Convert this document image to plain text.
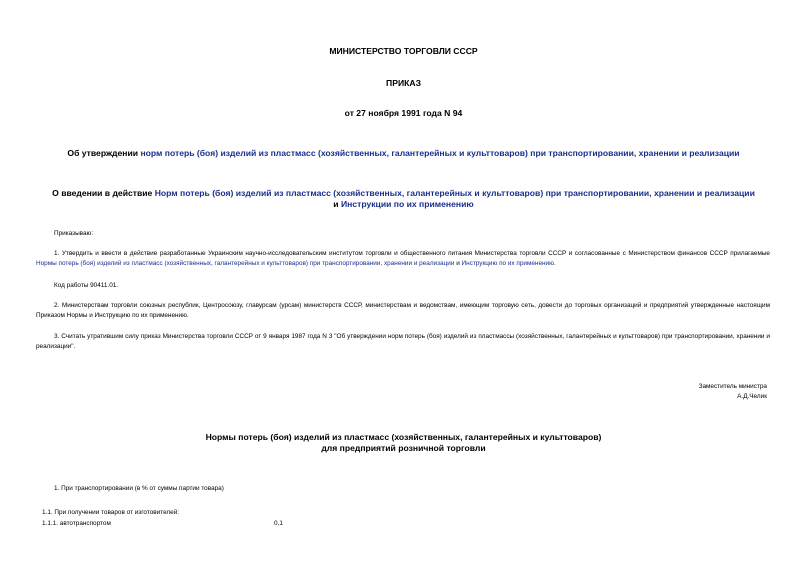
МИНИСТЕРСТВО ТОРГОВЛИ СССР
ПРИКАЗ
от 27 ноября 1991 года N 94
Об утверждении норм потерь (боя) изделий из пластмасс (хозяйственных, галантерейных и культтоваров) при транспортировании, хранении и реализации
О введении в действие Норм потерь (боя) изделий из пластмасс (хозяйственных, галантерейных и культтоваров) при транспортировании, хранении и реализации
и Инструкции по их применению
Приказываю:
1. Утвердить и ввести в действие разработанные Украинским научно-исследовательским институтом торговли и общественного питания Министерства торговли СССР и согласованные с Министерством финансов СССР прилагаемые Нормы потерь (боя) изделий из пластмасс (хозяйственных, галантерейных и культтоваров) при транспортировании, хранении и реализации и Инструкцию по их применению.
Код работы 90411.01.
2. Министерствам торговли союзных республик, Центросоюзу, главурсам (урсам) министерств СССР, министерствам и ведомствам, имеющим торговую сеть, довести до торговых организаций и предприятий утвержденные настоящим Приказом Нормы и Инструкцию по их применению.
3. Считать утратившим силу приказ Министерства торговли СССР от 9 января 1987 года N 3 "Об утверждении норм потерь (боя) изделий из пластмассы (хозяйственных, галантерейных и культтоваров) при транспортировании, хранении и реализации".
Заместитель министра
А.Д.Челик
Нормы потерь (боя) изделий из пластмасс (хозяйственных, галантерейных и культтоваров)
для предприятий розничной торговли
1. При транспортировании (в % от суммы партии товара)
1.1. При получении товаров от изготовителей:
1.1.1. автотранспортом	0,1
